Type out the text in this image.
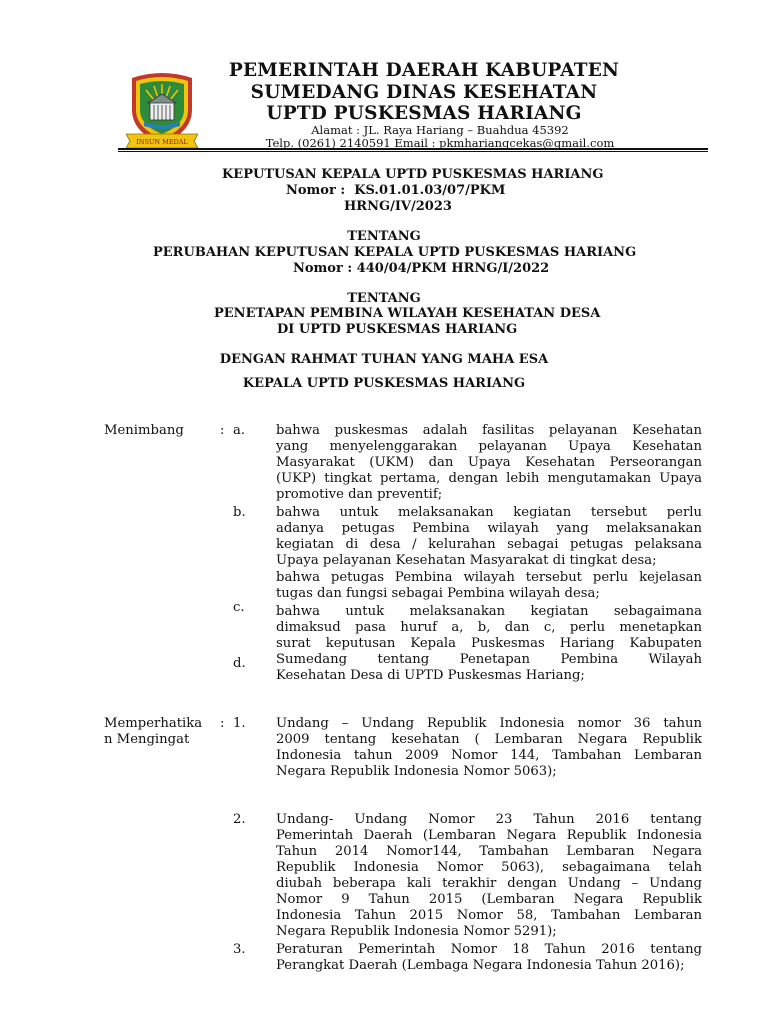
INSUN MEDAL
PEMERINTAH DAERAH KABUPATEN
SUMEDANG DINAS KESEHATAN
UPTD PUSKESMAS HARIANG
Alamat : JL. Raya Hariang – Buahdua 45392
Telp. (0261) 2140591 Email : pkmhariangcekas@gmail.com
KEPUTUSAN KEPALA UPTD PUSKESMAS HARIANG
Nomor :  KS.01.01.03/07/PKM
HRNG/IV/2023
TENTANG
PERUBAHAN KEPUTUSAN KEPALA UPTD PUSKESMAS HARIANG
Nomor : 440/04/PKM HRNG/I/2022
TENTANG
PENETAPAN PEMBINA WILAYAH KESEHATAN DESA
DI UPTD PUSKESMAS HARIANG
DENGAN RAHMAT TUHAN YANG MAHA ESA
KEPALA UPTD PUSKESMAS HARIANG
Menimbang	: a.
b.
c.
d.
bahwa puskesmas adalah fasilitas pelayanan Kesehatan
yang menyelenggarakan pelayanan Upaya Kesehatan
Masyarakat (UKM) dan Upaya Kesehatan Perseorangan
(UKP) tingkat pertama, dengan lebih mengutamakan Upaya
promotive dan preventif;
bahwa untuk melaksanakan kegiatan tersebut perlu
adanya petugas Pembina wilayah yang melaksanakan
kegiatan di desa / kelurahan sebagai petugas pelaksana
Upaya pelayanan Kesehatan Masyarakat di tingkat desa;
bahwa petugas Pembina wilayah tersebut perlu kejelasan
tugas dan fungsi sebagai Pembina wilayah desa;
bahwa untuk melaksanakan kegiatan sebagaimana
dimaksud pasa huruf a, b, dan c, perlu menetapkan
surat keputusan Kepala Puskesmas Hariang Kabupaten
Sumedang tentang Penetapan Pembina Wilayah
Kesehatan Desa di UPTD Puskesmas Hariang;
Memperhatika
n Mengingat
: 1.
2.
3.
Undang – Undang Republik Indonesia nomor 36 tahun
2009 tentang kesehatan ( Lembaran Negara Republik
Indonesia tahun 2009 Nomor 144, Tambahan Lembaran
Negara Republik Indonesia Nomor 5063);
Undang- Undang Nomor 23 Tahun 2016 tentang
Pemerintah Daerah (Lembaran Negara Republik Indonesia
Tahun 2014 Nomor144, Tambahan Lembaran Negara
Republik Indonesia Nomor 5063), sebagaimana telah
diubah beberapa kali terakhir dengan Undang – Undang
Nomor 9 Tahun 2015 (Lembaran Negara Republik
Indonesia Tahun 2015 Nomor 58, Tambahan Lembaran
Negara Republik Indonesia Nomor 5291);
Peraturan Pemerintah Nomor 18 Tahun 2016 tentang
Perangkat Daerah (Lembaga Negara Indonesia Tahun 2016);
